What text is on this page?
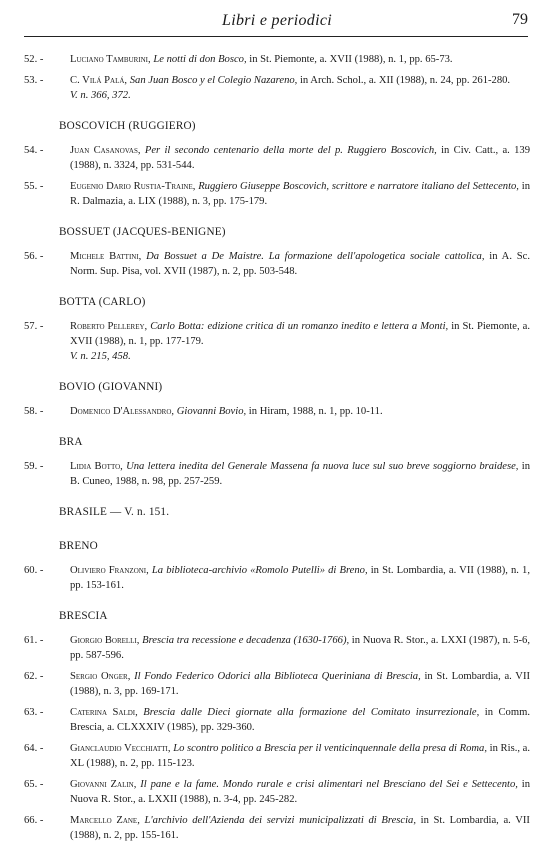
Libri e periodici	79
52. -	Luciano Tamburini, Le notti di don Bosco, in St. Piemonte, a. XVII (1988), n. 1, pp. 65-73.
53. -	C. Vilá Palá, San Juan Bosco y el Colegio Nazareno, in Arch. Schol., a. XII (1988), n. 24, pp. 261-280.
V. n. 366, 372.
BOSCOVICH (RUGGIERO)
54. -	Juan Casanovas, Per il secondo centenario della morte del p. Ruggiero Boscovich, in Civ. Catt., a. 139 (1988), n. 3324, pp. 531-544.
55. -	Eugenio Dario Rustia-Traine, Ruggiero Giuseppe Boscovich, scrittore e narratore italiano del Settecento, in R. Dalmazia, a. LIX (1988), n. 3, pp. 175-179.
BOSSUET (JACQUES-BENIGNE)
56. -	Michele Battini, Da Bossuet a De Maistre. La formazione dell'apologetica sociale cattolica, in A. Sc. Norm. Sup. Pisa, vol. XVII (1987), n. 2, pp. 503-548.
BOTTA (CARLO)
57. -	Roberto Pellerey, Carlo Botta: edizione critica di un romanzo inedito e lettera a Monti, in St. Piemonte, a. XVII (1988), n. 1, pp. 177-179.
V. n. 215, 458.
BOVIO (GIOVANNI)
58. -	Domenico D'Alessandro, Giovanni Bovio, in Hiram, 1988, n. 1, pp. 10-11.
BRA
59. -	Lidia Botto, Una lettera inedita del Generale Massena fa nuova luce sul suo breve soggiorno braidese, in B. Cuneo, 1988, n. 98, pp. 257-259.
BRASILE — V. n. 151.
BRENO
60. -	Oliviero Franzoni, La biblioteca-archivio «Romolo Putelli» di Breno, in St. Lombardia, a. VII (1988), n. 1, pp. 153-161.
BRESCIA
61. -	Giorgio Borelli, Brescia tra recessione e decadenza (1630-1766), in Nuova R. Stor., a. LXXI (1987), n. 5-6, pp. 587-596.
62. -	Sergio Onger, Il Fondo Federico Odorici alla Biblioteca Queriniana di Brescia, in St. Lombardia, a. VII (1988), n. 3, pp. 169-171.
63. -	Caterina Saldi, Brescia dalle Dieci giornate alla formazione del Comitato insurrezionale, in Comm. Brescia, a. CLXXXIV (1985), pp. 329-360.
64. -	Gianclaudio Vecchiatti, Lo scontro politico a Brescia per il venticinquennale della presa di Roma, in Ris., a. XL (1988), n. 2, pp. 115-123.
65. -	Giovanni Zalin, Il pane e la fame. Mondo rurale e crisi alimentari nel Bresciano del Sei e Settecento, in Nuova R. Stor., a. LXXII (1988), n. 3-4, pp. 245-282.
66. -	Marcello Zane, L'archivio dell'Azienda dei servizi municipalizzati di Brescia, in St. Lombardia, a. VII (1988), n. 2, pp. 155-161.
